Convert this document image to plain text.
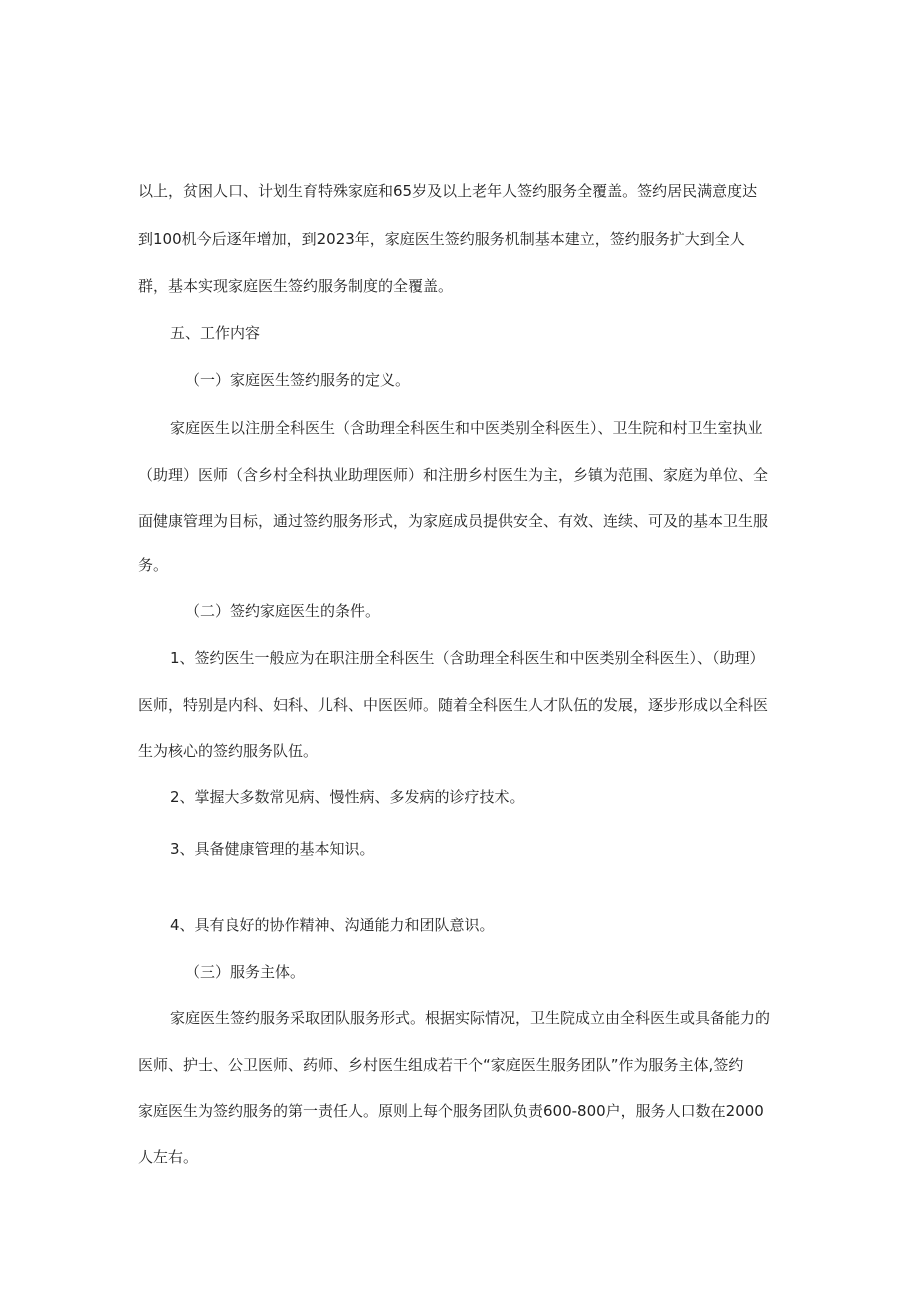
以上，贫困人口、计划生育特殊家庭和65岁及以上老年人签约服务全覆盖。签约居民满意度达

到100机今后逐年增加，到2023年，家庭医生签约服务机制基本建立，签约服务扩大到全人

群，基本实现家庭医生签约服务制度的全覆盖。

五、工作内容

（一）家庭医生签约服务的定义。

家庭医生以注册全科医生（含助理全科医生和中医类别全科医生）、卫生院和村卫生室执业

（助理）医师（含乡村全科执业助理医师）和注册乡村医生为主，乡镇为范围、家庭为单位、全

面健康管理为目标，通过签约服务形式，为家庭成员提供安全、有效、连续、可及的基本卫生服

务。

（二）签约家庭医生的条件。

1、签约医生一般应为在职注册全科医生（含助理全科医生和中医类别全科医生）、（助理）

医师，特别是内科、妇科、儿科、中医医师。随着全科医生人才队伍的发展，逐步形成以全科医

生为核心的签约服务队伍。

2、掌握大多数常见病、慢性病、多发病的诊疗技术。

3、具备健康管理的基本知识。

4、具有良好的协作精神、沟通能力和团队意识。

（三）服务主体。

家庭医生签约服务采取团队服务形式。根据实际情况，卫生院成立由全科医生或具备能力的

医师、护士、公卫医师、药师、乡村医生组成若干个“家庭医生服务团队”作为服务主体,签约

家庭医生为签约服务的第一责任人。原则上每个服务团队负责600-800户，服务人口数在2000

人左右。
